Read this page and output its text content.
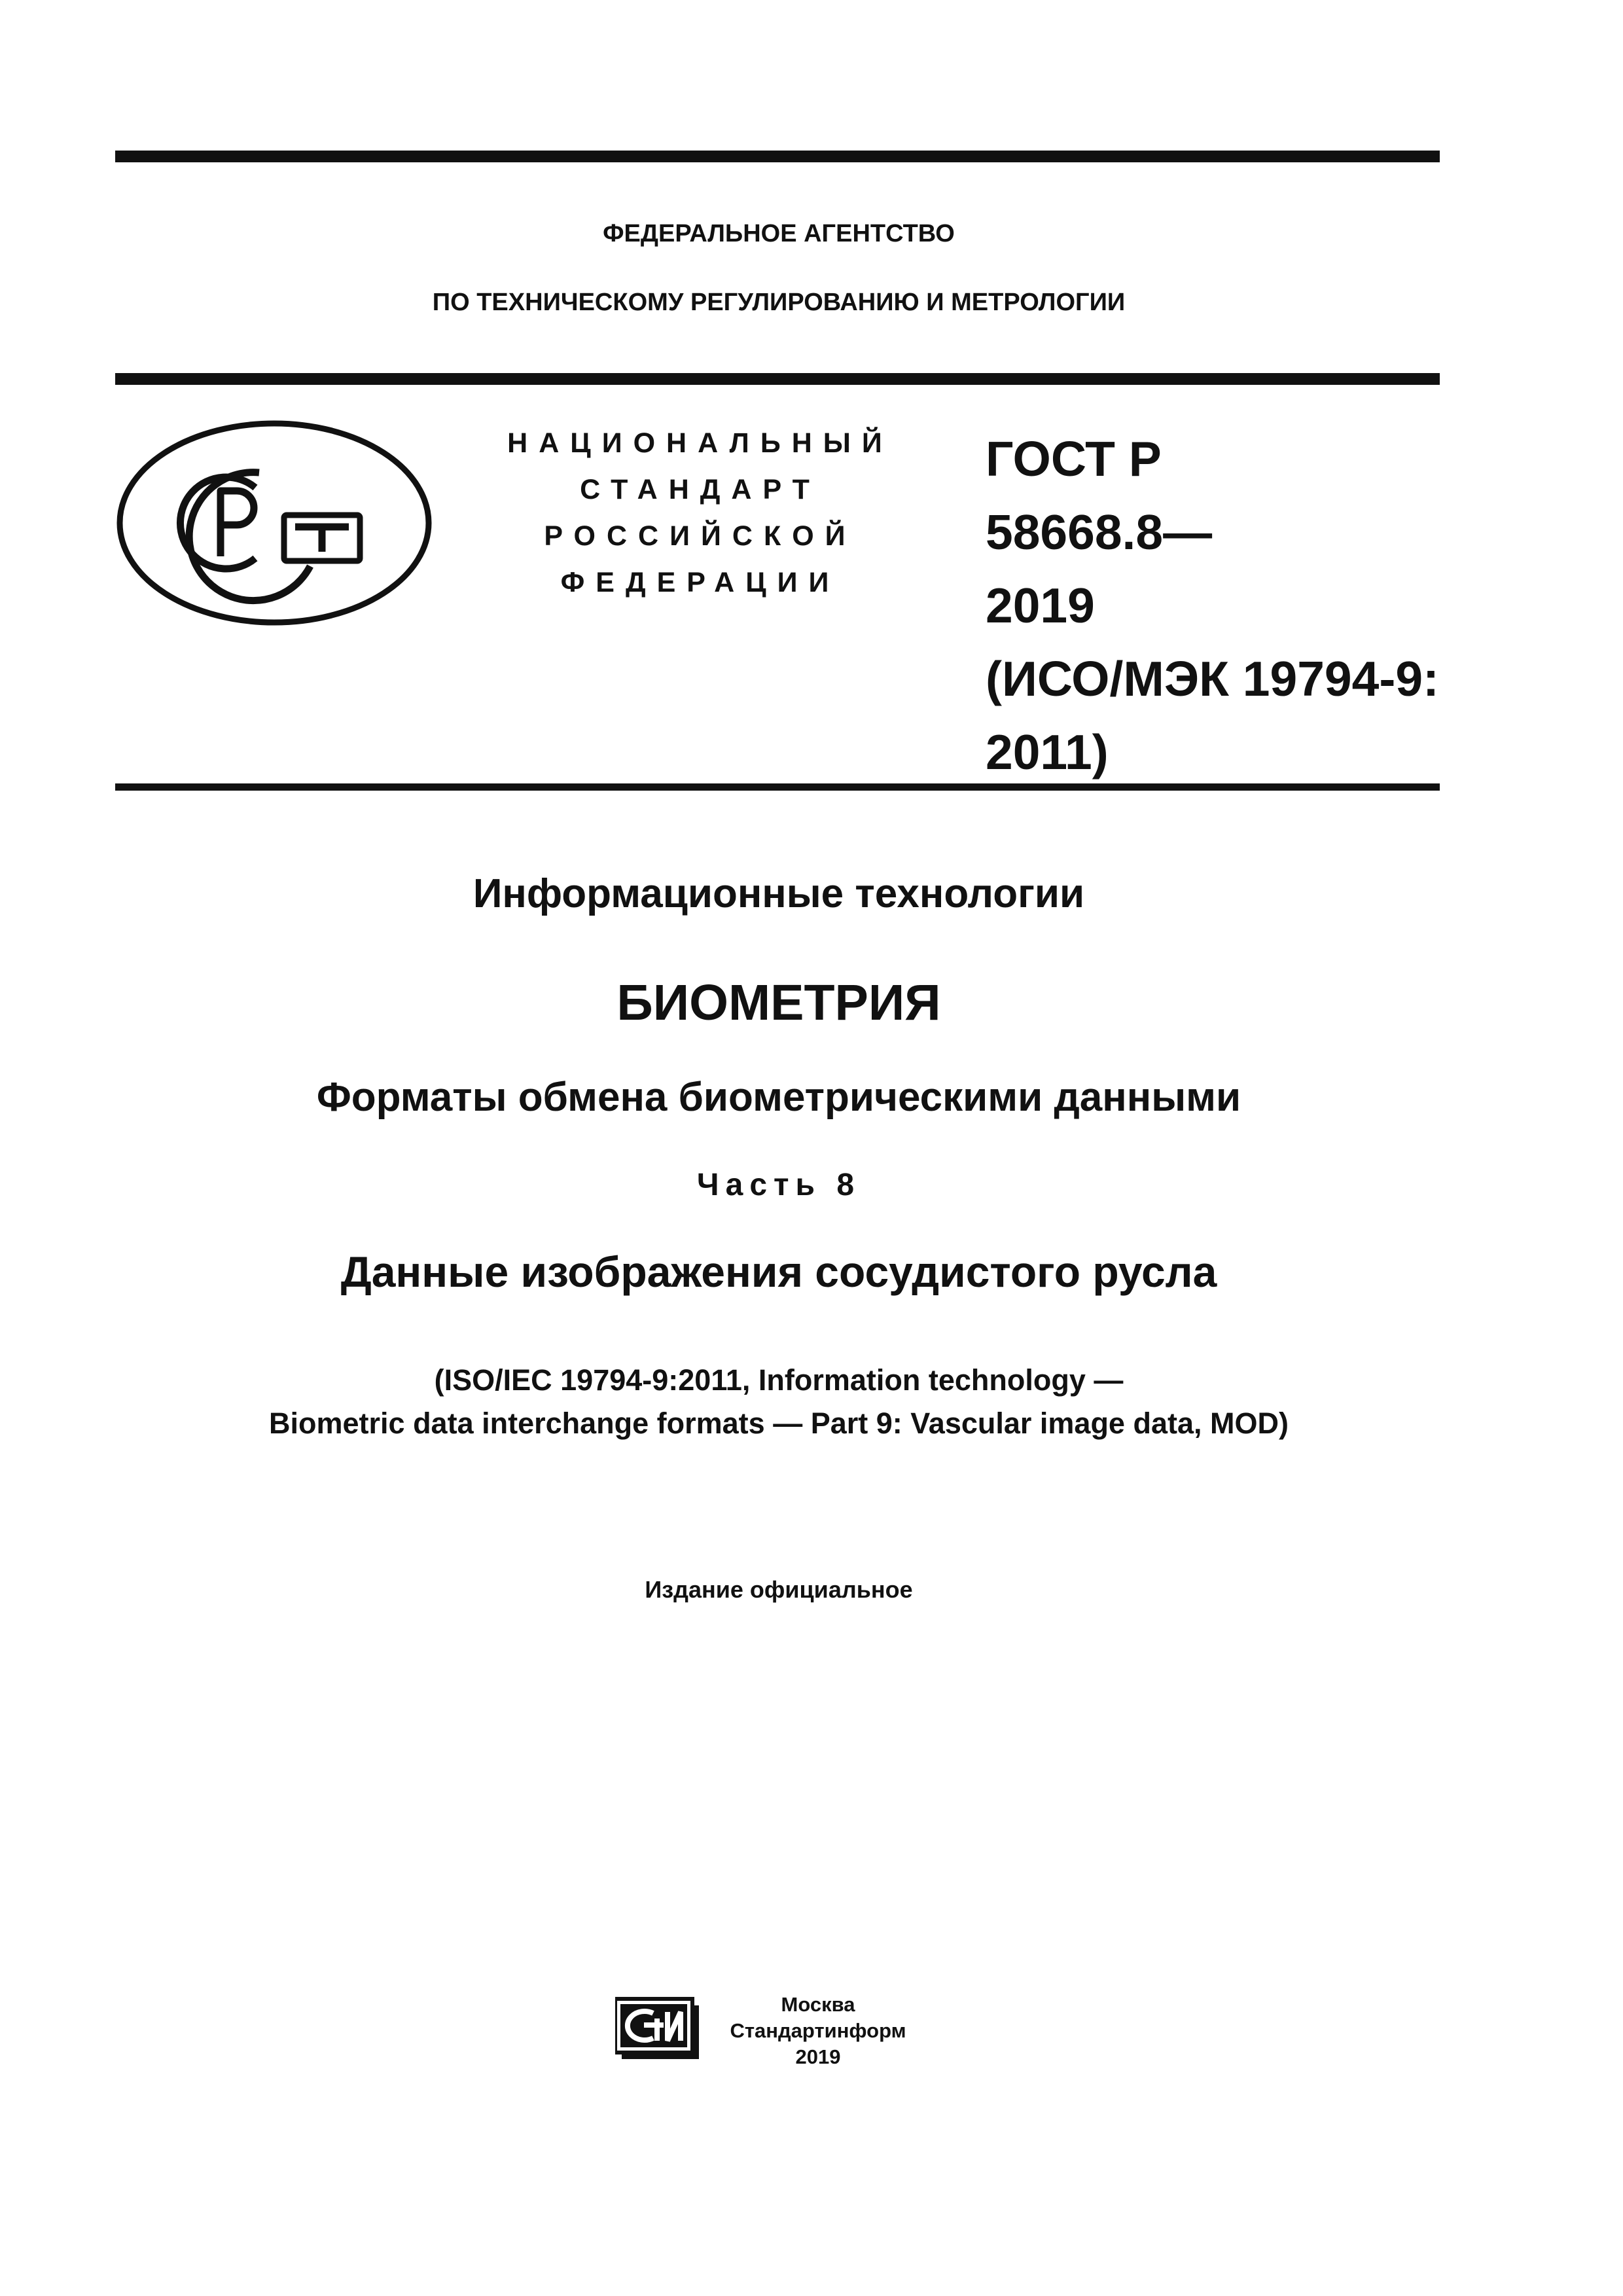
ФЕДЕРАЛЬНОЕ АГЕНТСТВО
ПО ТЕХНИЧЕСКОМУ РЕГУЛИРОВАНИЮ И МЕТРОЛОГИИ
НАЦИОНАЛЬНЫЙ
СТАНДАРТ
РОССИЙСКОЙ
ФЕДЕРАЦИИ
ГОСТ Р
58668.8—
2019
(ИСО/МЭК 19794-9:
2011)
Информационные технологии
БИОМЕТРИЯ
Форматы обмена биометрическими данными
Часть 8
Данные изображения сосудистого русла
(ISO/IEC 19794-9:2011, Information technology —
Biometric data interchange formats — Part 9: Vascular image data, MOD)
Издание официальное
Москва
Стандартинформ
2019
